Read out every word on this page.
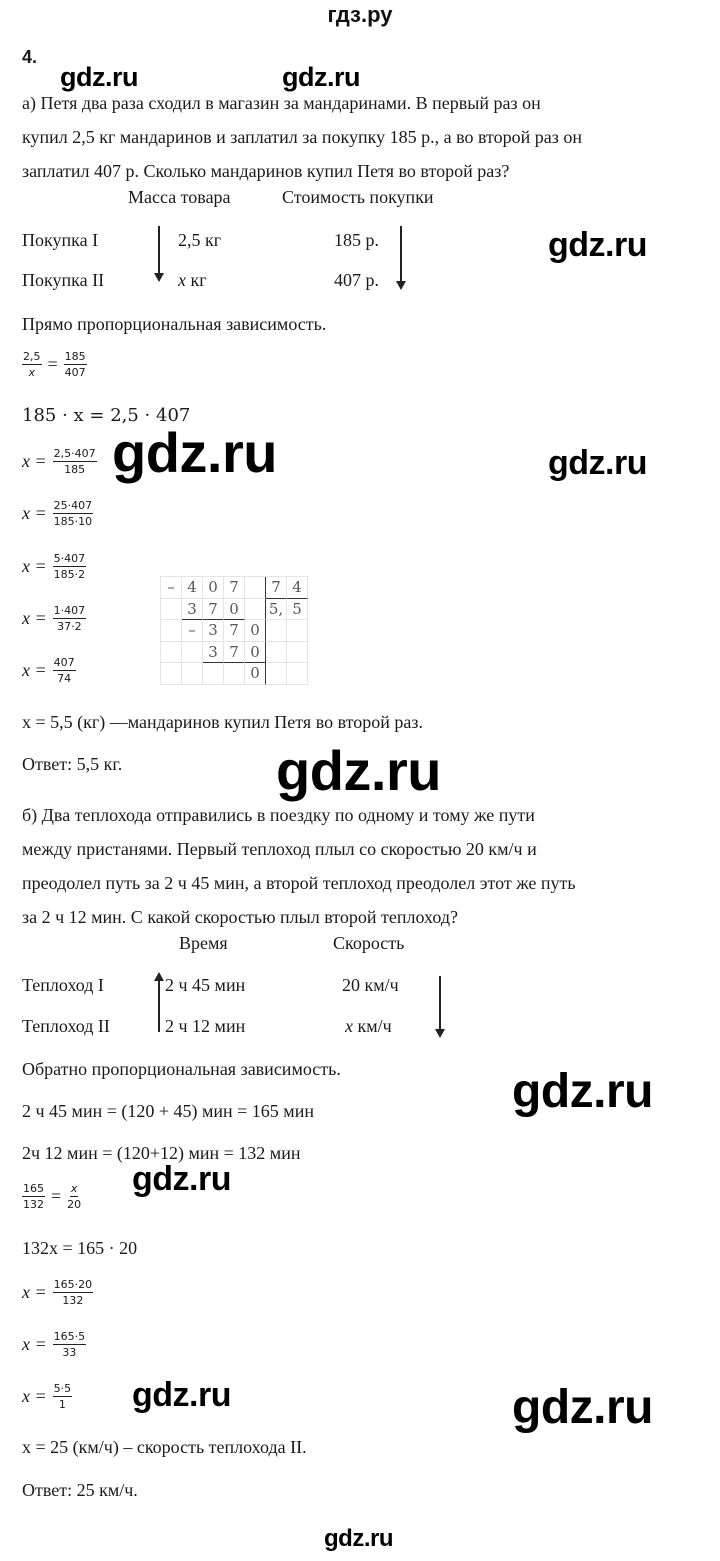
гдз.ру
4.
gdz.ru	gdz.ru
gdz.ru
gdz.ru	gdz.ru
gdz.ru
gdz.ru
gdz.ru
gdz.ru	gdz.ru
gdz.ru
а) Петя два раза сходил в магазин за мандаринами. В первый раз он
купил 2,5 кг мандаринов и заплатил за покупку 185 р., а во второй раз он
заплатил 407 р. Сколько мандаринов купил Петя во второй раз?
Масса товара	Стоимость покупки
Покупка I	2,5 кг	185 р.
Покупка II	x кг	407 р.
Прямо пропорциональная зависимость.
$\frac{2,5}{x} = \frac{185}{407}$
185 · x = 2,5 · 407
$x = \frac{2,5\cdot 407}{185}$
$x = \frac{25\cdot 407}{185\cdot 10}$
$x = \frac{5\cdot 407}{185\cdot 2}$
$x = \frac{1\cdot 407}{37\cdot 2}$
$x = \frac{407}{74}$
– 4 0 7	7 4
3 7 0	5, 5
– 3 7 0
3 7 0
0
x = 5,5 (кг) —мандаринов купил Петя во второй раз.
Ответ: 5,5 кг.
б) Два теплохода отправились в поездку по одному и тому же пути
между пристанями. Первый теплоход плыл со скоростью 20 км/ч и
преодолел путь за 2 ч 45 мин, а второй теплоход преодолел этот же путь
за 2 ч 12 мин. С какой скоростью плыл второй теплоход?
Время	Скорость
Теплоход I	2 ч 45 мин	20 км/ч
Теплоход II	2 ч 12 мин	x км/ч
Обратно пропорциональная зависимость.
2 ч 45 мин = (120 + 45) мин = 165 мин
2ч 12 мин = (120+12) мин = 132 мин
$\frac{165}{132} = \frac{x}{20}$
132x = 165 · 20
$x = \frac{165\cdot 20}{132}$
$x = \frac{165\cdot 5}{33}$
$x = \frac{5\cdot 5}{1}$
x = 25 (км/ч) – скорость теплохода II.
Ответ: 25 км/ч.
